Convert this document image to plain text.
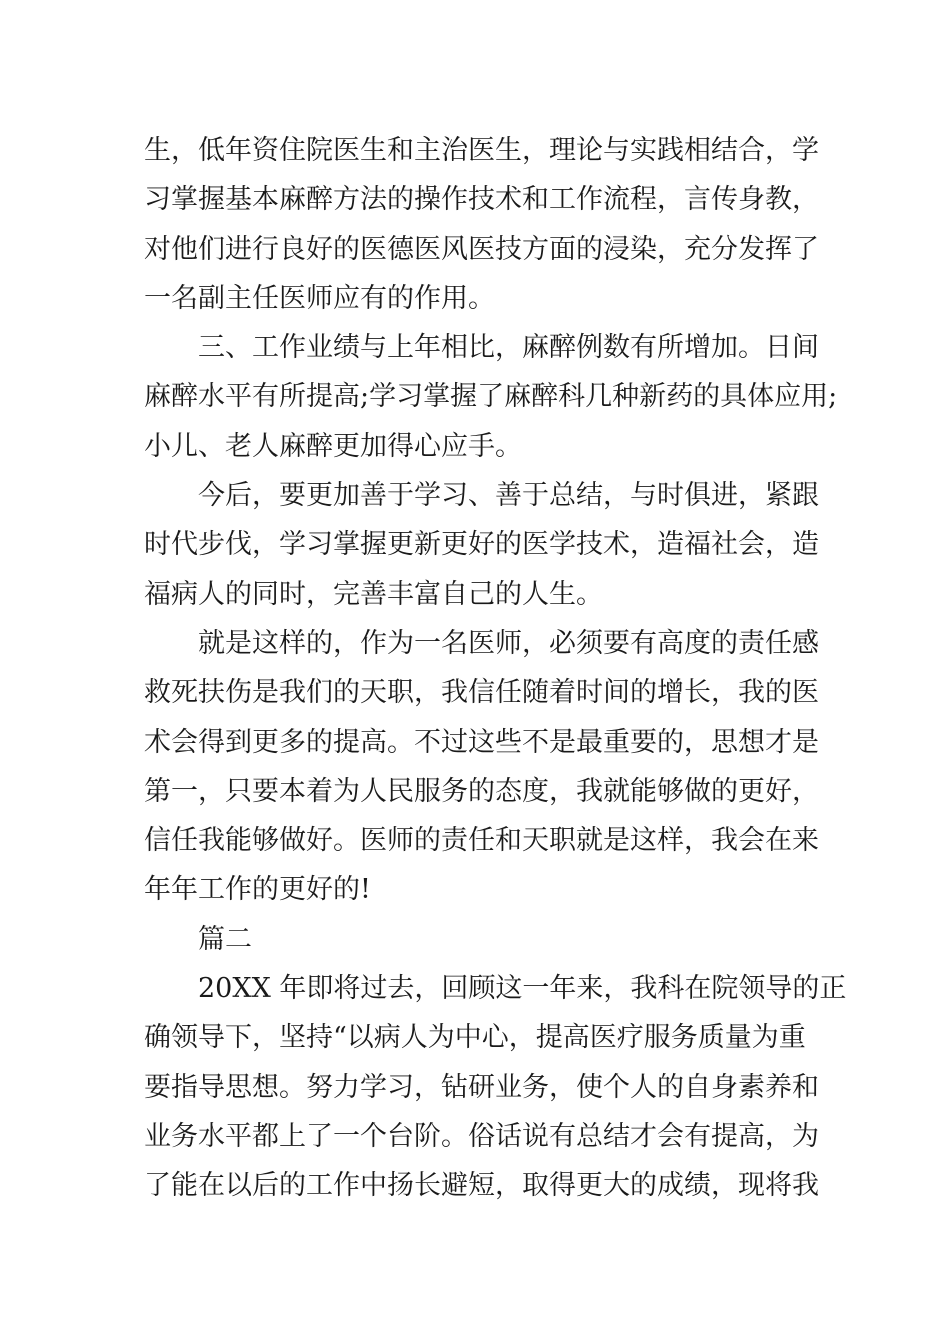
生，低年资住院医生和主治医生，理论与实践相结合，学
习掌握基本麻醉方法的操作技术和工作流程，言传身教，
对他们进行良好的医德医风医技方面的浸染，充分发挥了
一名副主任医师应有的作用。
三、工作业绩与上年相比，麻醉例数有所增加。日间
麻醉水平有所提高;学习掌握了麻醉科几种新药的具体应用;
小儿、老人麻醉更加得心应手。
今后，要更加善于学习、善于总结，与时俱进，紧跟
时代步伐，学习掌握更新更好的医学技术，造福社会，造
福病人的同时，完善丰富自己的人生。
就是这样的，作为一名医师，必须要有高度的责任感
救死扶伤是我们的天职，我信任随着时间的增长，我的医
术会得到更多的提高。不过这些不是最重要的，思想才是
第一，只要本着为人民服务的态度，我就能够做的更好，
信任我能够做好。医师的责任和天职就是这样，我会在来
年年工作的更好的!
篇二
20XX 年即将过去，回顾这一年来，我科在院领导的正
确领导下，坚持“以病人为中心，提高医疗服务质量为重
要指导思想。努力学习，钻研业务，使个人的自身素养和
业务水平都上了一个台阶。俗话说有总结才会有提高，为
了能在以后的工作中扬长避短，取得更大的成绩，现将我
